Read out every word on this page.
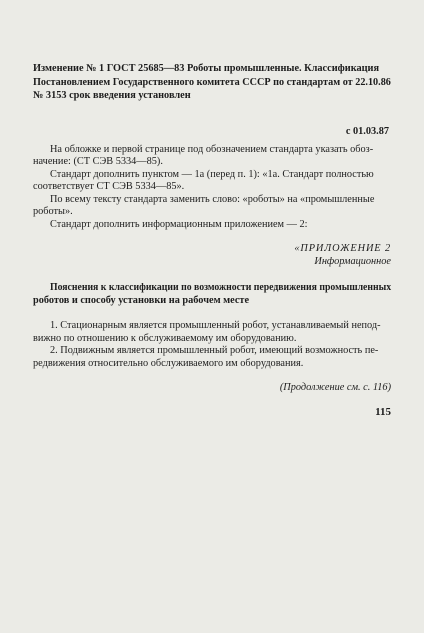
Изменение № 1 ГОСТ 25685—83 Роботы промышленные. Классификация
Постановлением Государственного комитета СССР по стандартам от 22.10.86
№ 3153 срок введения установлен
с 01.03.87
На обложке и первой странице под обозначением стандарта указать обоз-
начение: (СТ СЭВ 5334—85).
Стандарт дополнить пунктом — 1а (перед п. 1): «1а. Стандарт полностью
соответствует СТ СЭВ 5334—85».
По всему тексту стандарта заменить слово: «роботы» на «промышленные
роботы».
Стандарт дополнить информационным приложением — 2:
«ПРИЛОЖЕНИЕ 2
Информационное
Пояснения к классификации по возможности передвижения промышленных
роботов и способу установки на рабочем месте
1. Стационарным является промышленный робот, устанавливаемый непод-
вижно по отношению к обслуживаемому им оборудованию.
2. Подвижным является промышленный робот, имеющий возможность пе-
редвижения относительно обслуживаемого им оборудования.
(Продолжение см. с. 116)
115
